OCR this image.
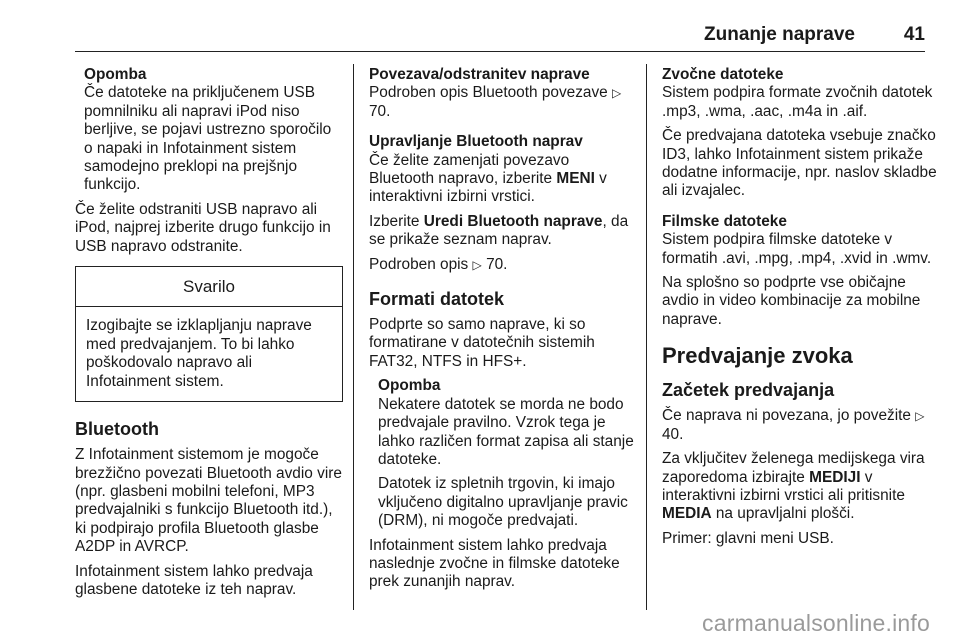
Zunanje naprave	41
Opomba

Če datoteke na priključenem USB pomnilniku ali napravi iPod niso berljive, se pojavi ustrezno sporočilo o napaki in Infotainment sistem samodejno preklopi na prejšnjo funkcijo.

Če želite odstraniti USB napravo ali iPod, najprej izberite drugo funkcijo in USB napravo odstranite.

Svarilo
Izogibajte se izklapljanju naprave med predvajanjem. To bi lahko poškodovalo napravo ali Infotainment sistem.
Bluetooth

Z Infotainment sistemom je mogoče brezžično povezati Bluetooth avdio vire (npr. glasbeni mobilni telefoni, MP3 predvajalniki s funkcijo Bluetooth itd.), ki podpirajo profila Bluetooth glasbe A2DP in AVRCP.

Infotainment sistem lahko predvaja glasbene datoteke iz teh naprav.

Povezava/odstranitev naprave

Podroben opis Bluetooth povezave ▷ 70.

Upravljanje Bluetooth naprav

Če želite zamenjati povezavo Bluetooth napravo, izberite MENI v interaktivni izbirni vrstici.

Izberite Uredi Bluetooth naprave, da se prikaže seznam naprav.

Podroben opis ▷ 70.

Formati datotek

Podprte so samo naprave, ki so formatirane v datotečnih sistemih FAT32, NTFS in HFS+.

Opomba

Nekatere datotek se morda ne bodo predvajale pravilno. Vzrok tega je lahko različen format zapisa ali stanje datoteke.

Datotek iz spletnih trgovin, ki imajo vključeno digitalno upravljanje pravic (DRM), ni mogoče predvajati.

Infotainment sistem lahko predvaja naslednje zvočne in filmske datoteke prek zunanjih naprav.

Zvočne datoteke

Sistem podpira formate zvočnih datotek .mp3, .wma, .aac, .m4a in .aif.

Če predvajana datoteka vsebuje značko ID3, lahko Infotainment sistem prikaže dodatne informacije, npr. naslov skladbe ali izvajalec.

Filmske datoteke

Sistem podpira filmske datoteke v formatih .avi, .mpg, .mp4, .xvid in .wmv.

Na splošno so podprte vse običajne avdio in video kombinacije za mobilne naprave.

Predvajanje zvoka
Začetek predvajanja

Če naprava ni povezana, jo povežite ▷ 40.

Za vključitev želenega medijskega vira zaporedoma izbirajte MEDIJI v interaktivni izbirni vrstici ali pritisnite MEDIA na upravljalni plošči.

Primer: glavni meni USB.

carmanualsonline.info
